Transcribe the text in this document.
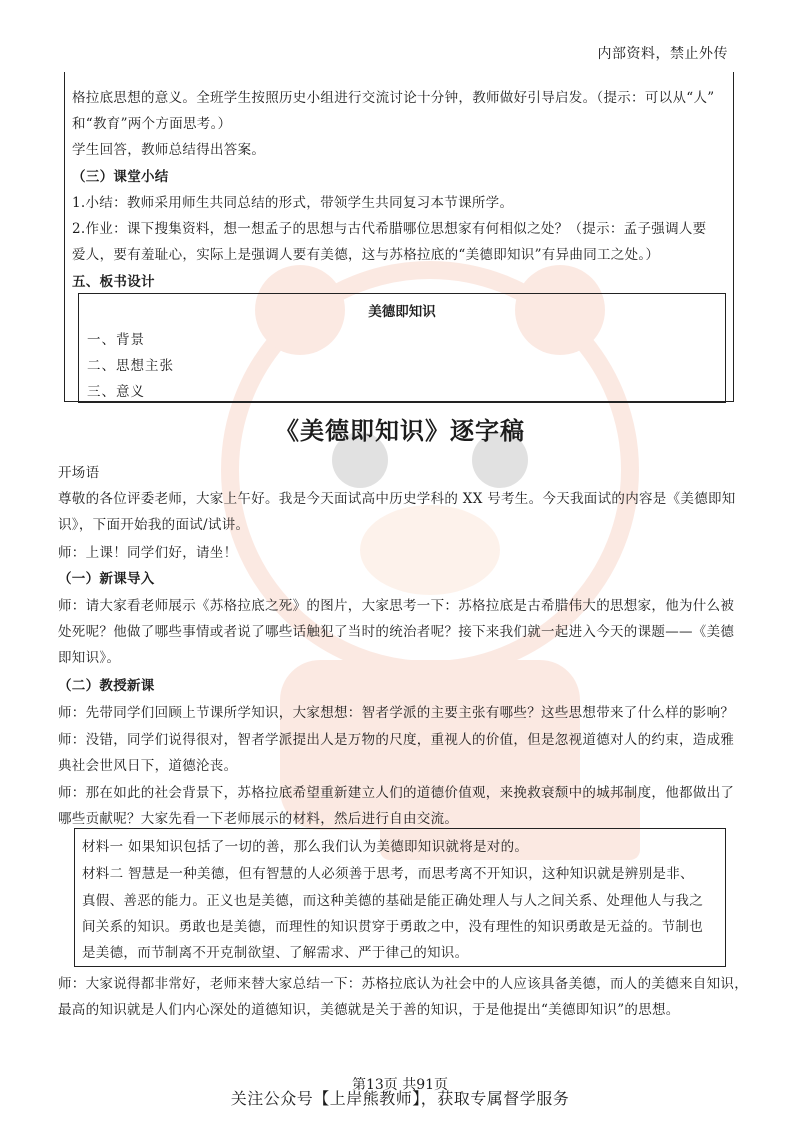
内部资料，禁止外传
格拉底思想的意义。全班学生按照历史小组进行交流讨论十分钟，教师做好引导启发。（提示：可以从“人”
和“教育”两个方面思考。）
学生回答，教师总结得出答案。
（三）课堂小结
1.小结：教师采用师生共同总结的形式，带领学生共同复习本节课所学。
2.作业：课下搜集资料，想一想孟子的思想与古代希腊哪位思想家有何相似之处？（提示：孟子强调人要
爱人，要有羞耻心，实际上是强调人要有美德，这与苏格拉底的“美德即知识”有异曲同工之处。）
五、板书设计
美德即知识
一、背景
二、思想主张
三、意义
《美德即知识》逐字稿
开场语
尊敬的各位评委老师，大家上午好。我是今天面试高中历史学科的 XX 号考生。今天我面试的内容是《美德即知
识》，下面开始我的面试/试讲。
师：上课！同学们好，请坐！
（一）新课导入
师：请大家看老师展示《苏格拉底之死》的图片，大家思考一下：苏格拉底是古希腊伟大的思想家，他为什么被
处死呢？他做了哪些事情或者说了哪些话触犯了当时的统治者呢？接下来我们就一起进入今天的课题——《美德
即知识》。
（二）教授新课
师：先带同学们回顾上节课所学知识，大家想想：智者学派的主要主张有哪些？这些思想带来了什么样的影响？
师：没错，同学们说得很对，智者学派提出人是万物的尺度，重视人的价值，但是忽视道德对人的约束，造成雅
典社会世风日下，道德沦丧。
师：那在如此的社会背景下，苏格拉底希望重新建立人们的道德价值观，来挽救衰颓中的城邦制度，他都做出了
哪些贡献呢？大家先看一下老师展示的材料，然后进行自由交流。
材料一 如果知识包括了一切的善，那么我们认为美德即知识就将是对的。
材料二 智慧是一种美德，但有智慧的人必须善于思考，而思考离不开知识，这种知识就是辨别是非、
真假、善恶的能力。正义也是美德，而这种美德的基础是能正确处理人与人之间关系、处理他人与我之
间关系的知识。勇敢也是美德，而理性的知识贯穿于勇敢之中，没有理性的知识勇敢是无益的。节制也
是美德，而节制离不开克制欲望、了解需求、严于律己的知识。
师：大家说得都非常好，老师来替大家总结一下：苏格拉底认为社会中的人应该具备美德，而人的美德来自知识，
最高的知识就是人们内心深处的道德知识，美德就是关于善的知识，于是他提出“美德即知识”的思想。
第13页 共91页
关注公众号【上岸熊教师】，获取专属督学服务
